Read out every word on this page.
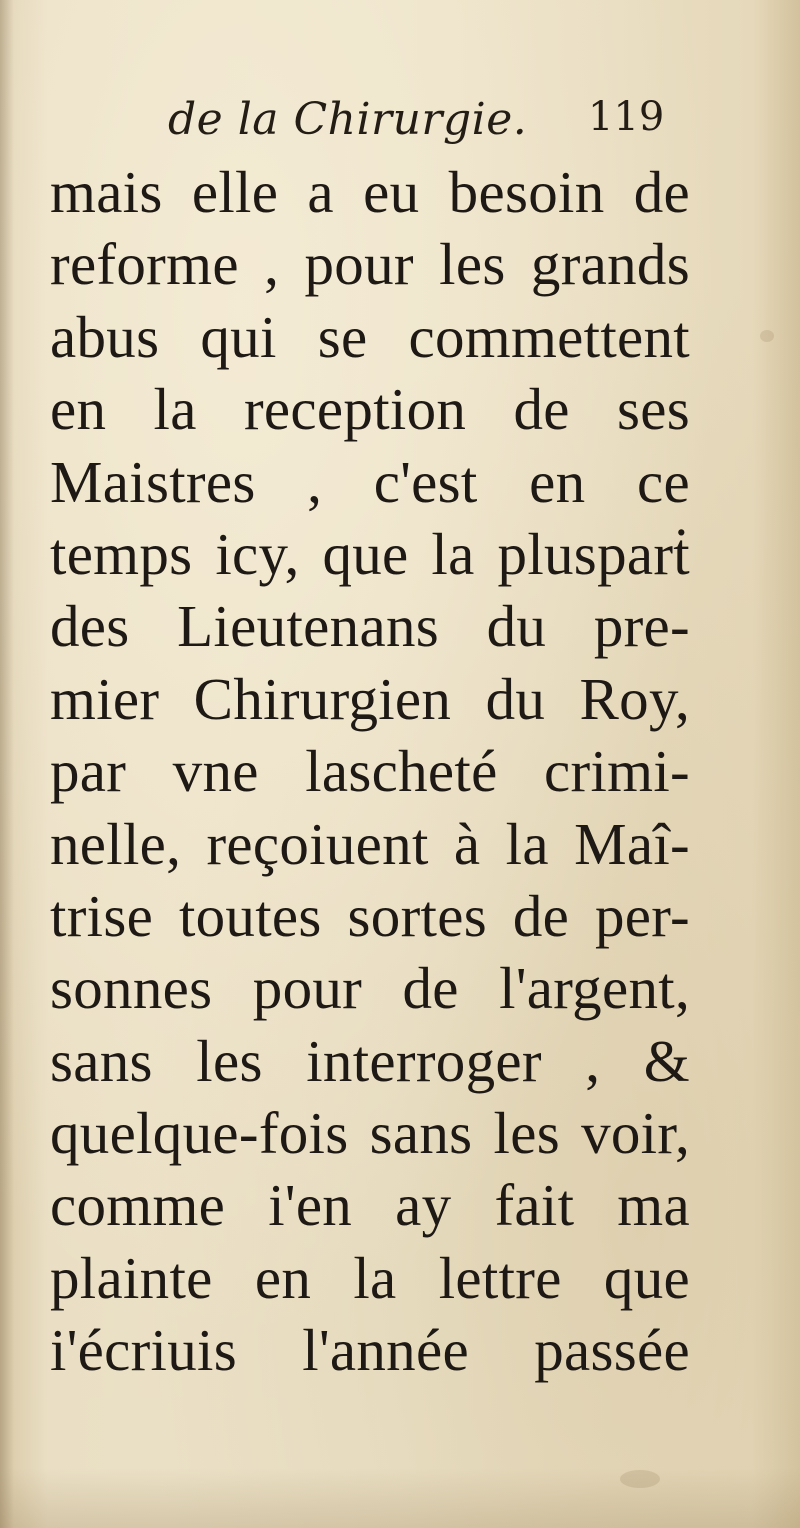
de la Chirurgie. 119
mais elle a eu besoin de
reforme , pour les grands
abus qui se commettent
en la reception de ses
Maistres , c'est en ce
temps icy, que la plusparṫ
des Lieutenans du pre-
mier Chirurgien du Roy,
par vne lascheté crimi-
nelle, reçoiuent à la Maî-
trise toutes sortes de per-
sonnes pour de l'argent,
sans les interroger , &
quelque-fois sans les voir,
comme i'en ay fait ma
plainte en la lettre que
i'écriuis l'année passée
